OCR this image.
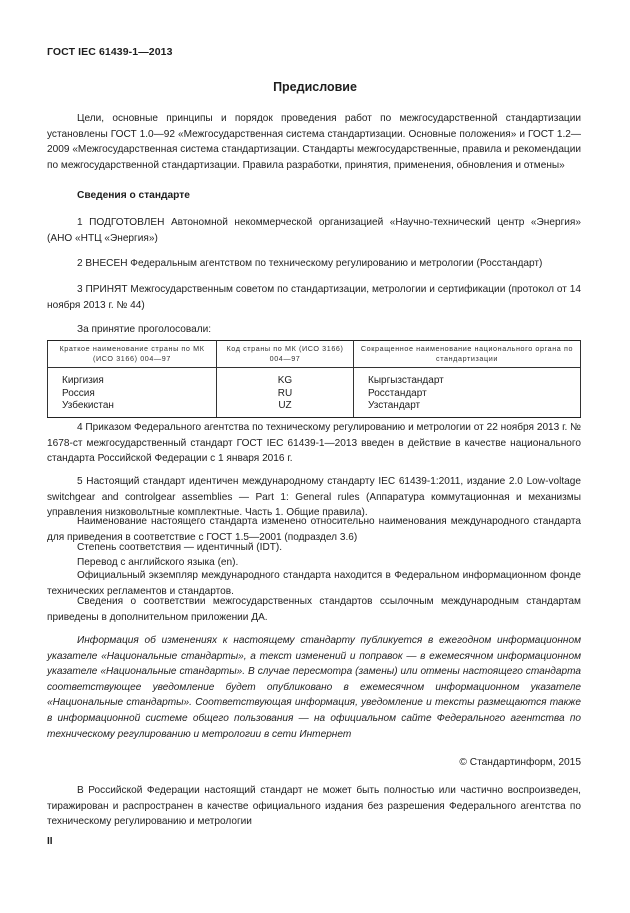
ГОСТ IEC 61439-1—2013
Предисловие

Цели, основные принципы и порядок проведения работ по межгосударственной стандартизации установлены ГОСТ 1.0—92 «Межгосударственная система стандартизации. Основные положения» и ГОСТ 1.2—2009 «Межгосударственная система стандартизации. Стандарты межгосударственные, правила и рекомендации по межгосударственной стандартизации. Правила разработки, принятия, применения, обновления и отмены»

Сведения о стандарте

1 ПОДГОТОВЛЕН Автономной некоммерческой организацией «Научно-технический центр «Энергия» (АНО «НТЦ «Энергия»)

2 ВНЕСЕН Федеральным агентством по техническому регулированию и метрологии (Росстандарт)

3 ПРИНЯТ Межгосударственным советом по стандартизации, метрологии и сертификации (протокол от 14 ноября 2013 г. № 44)

За принятие проголосовали:

Краткое наименование страны по МК (ИСО 3166) 004—97	Код страны по МК (ИСО 3166) 004—97	Сокращенное наименование национального органа по стандартизации
Киргизия	KG	Кыргызстандарт
Россия	RU	Росстандарт
Узбекистан	UZ	Узстандарт

4 Приказом Федерального агентства по техническому регулированию и метрологии от 22 ноября 2013 г. № 1678-ст межгосударственный стандарт ГОСТ IEC 61439-1—2013 введен в действие в качестве национального стандарта Российской Федерации с 1 января 2016 г.

5 Настоящий стандарт идентичен международному стандарту IEC 61439-1:2011, издание 2.0 Low-voltage switchgear and controlgear assemblies — Part 1: General rules (Аппаратура коммутационная и механизмы управления низковольтные комплектные. Часть 1. Общие правила).

Наименование настоящего стандарта изменено относительно наименования международного стандарта для приведения в соответствие с ГОСТ 1.5—2001 (подраздел 3.6)

Степень соответствия — идентичный (IDT).

Перевод с английского языка (en).

Официальный экземпляр международного стандарта находится в Федеральном информационном фонде технических регламентов и стандартов.

Сведения о соответствии межгосударственных стандартов ссылочным международным стандартам приведены в дополнительном приложении ДА.

Информация об изменениях к настоящему стандарту публикуется в ежегодном информационном указателе «Национальные стандарты», а текст изменений и поправок — в ежемесячном информационном указателе «Национальные стандарты». В случае пересмотра (замены) или отмены настоящего стандарта соответствующее уведомление будет опубликовано в ежемесячном информационном указателе «Национальные стандарты». Соответствующая информация, уведомление и тексты размещаются также в информационной системе общего пользования — на официальном сайте Федерального агентства по техническому регулированию и метрологии в сети Интернет

© Стандартинформ, 2015

В Российской Федерации настоящий стандарт не может быть полностью или частично воспроизведен, тиражирован и распространен в качестве официального издания без разрешения Федерального агентства по техническому регулированию и метрологии

II
